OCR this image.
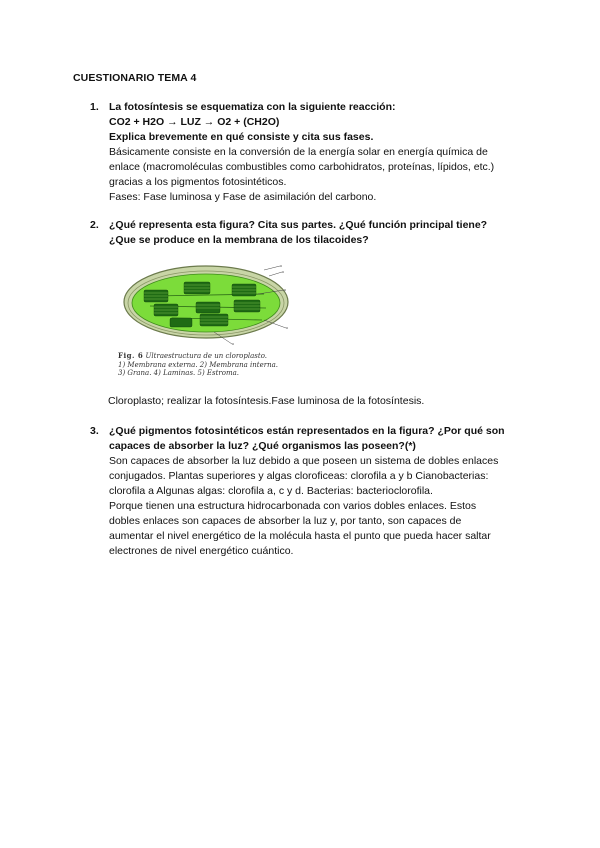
CUESTIONARIO TEMA 4
1. La fotosíntesis se esquematiza con la siguiente reacción:
CO2 + H2O → LUZ → O2 + (CH2O)
Explica brevemente en qué consiste y cita sus fases.
Básicamente consiste en la conversión de la energía solar en energía química de
enlace (macromoléculas combustibles como carbohidratos, proteínas, lípidos, etc.)
gracias a los pigmentos fotosintéticos.
Fases: Fase luminosa y Fase de asimilación del carbono.
2. ¿Qué representa esta figura? Cita sus partes. ¿Qué función principal tiene?
¿Que se produce en la membrana de los tilacoides?
Fig. 6 Ultraestructura de un cloroplasto.
1) Membrana externa. 2) Membrana interna.
3) Grana. 4) Laminas. 5) Estroma.
Cloroplasto; realizar la fotosíntesis.Fase luminosa de la fotosíntesis.
3. ¿Qué pigmentos fotosintéticos están representados en la figura? ¿Por qué son
capaces de absorber la luz? ¿Qué organismos las poseen?(*)
Son capaces de absorber la luz debido a que poseen un sistema de dobles enlaces
conjugados. Plantas superiores y algas cloroficeas: clorofila a y b Cianobacterias:
clorofila a Algunas algas: clorofila a, c y d. Bacterias: bacterioclorofila.
Porque tienen una estructura hidrocarbonada con varios dobles enlaces. Estos
dobles enlaces son capaces de absorber la luz y, por tanto, son capaces de
aumentar el nivel energético de la molécula hasta el punto que pueda hacer saltar
electrones de nivel energético cuántico.
